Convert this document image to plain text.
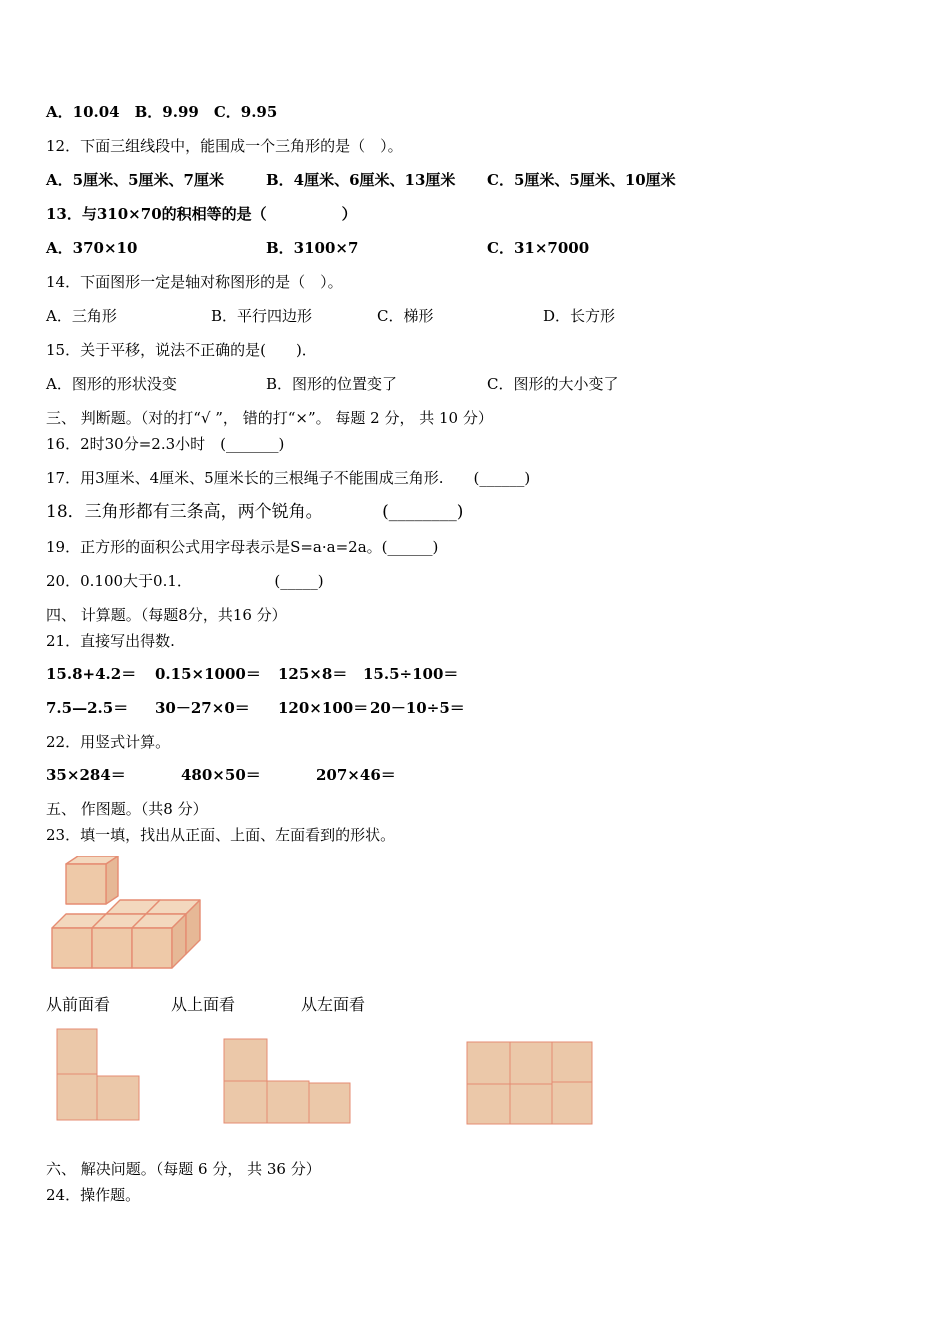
A．10.04　B．9.99　C．9.95
12．下面三组线段中，能围成一个三角形的是（　）。
A．5厘米、5厘米、7厘米	B．4厘米、6厘米、13厘米 C．5厘米、5厘米、10厘米
13．与310×70的积相等的是（　　　　　）
A．370×10	B．3100×7	C．31×7000
14．下面图形一定是轴对称图形的是（　）。
A．三角形	B．平行四边形	C．梯形	D．长方形
15．关于平移，说法不正确的是(　　)．
A．图形的形状没变	B．图形的位置变了	C．图形的大小变了
三、 判断题。（对的打“√ ”， 错的打“×”。 每题 2 分， 共 10 分）
16．2时30分=2.3小时　(_______)
17．用3厘米、4厘米、5厘米长的三根绳子不能围成三角形.　　(______)
18．三角形都有三条高，两个锐角。　　　　(________)
19．正方形的面积公式用字母表示是S=a·a=2a。(______)
20．0.100大于0.1．　　　　　　(_____)
四、 计算题。（每题8分，共16 分）
21．直接写出得数.
15.8+4.2＝ 0.15×1000＝ 125×8＝ 15.5÷100＝
7.5—2.5＝ 30－27×0＝ 120×100＝ 20－10÷5＝
22．用竖式计算。
35×284＝	480×50＝	207×46＝
五、 作图题。（共8 分）
23．填一填，找出从正面、上面、左面看到的形状。
从前面看	从上面看	从左面看
六、 解决问题。（每题 6 分， 共 36 分）
24．操作题。
